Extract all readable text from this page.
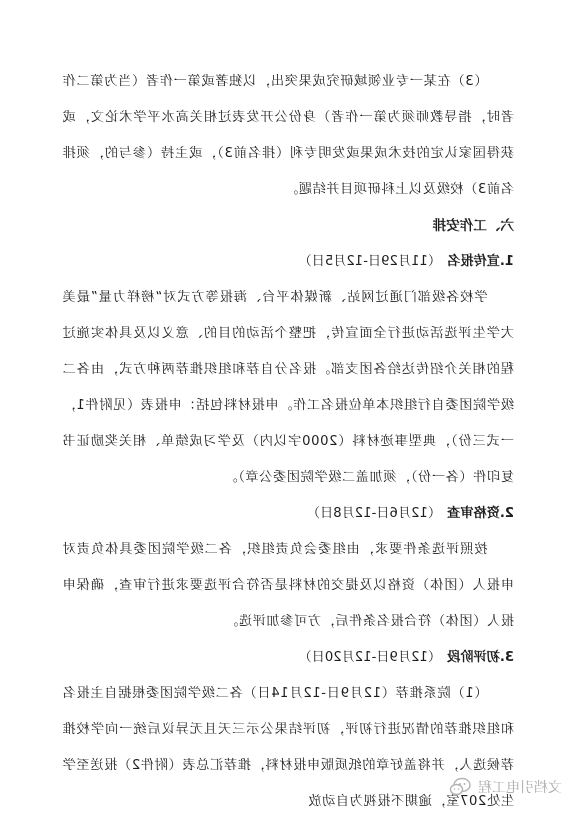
（3）在某一专业领域研究成果突出，以独著或第一作者（当为第二作者时，指导教师须为第一作者）身份公开发表过相关高水平学术论文，或获得国家认定的技术成果或发明专利（排名前3），或主持（参与的，须排名前3）校级及以上科研项目并结题。

六、工作安排

1.宣传报名（11月29日-12月5日）

学校各级部门通过网站、新媒体平台、海报等方式对“榜样力量”最美大学生评选活动进行全面宣传，把整个活动的目的、意义以及具体实施过程的相关介绍传达给各团支部。报名分自荐和组织推荐两种方式，由各二级学院团委自行组织本单位报名工作。申报材料包括：申报表（见附件1，一式三份），典型事迹材料（2000字以内）及学习成绩单、相关奖励证书复印件（各一份），须加盖二级学院团委公章）。

2.资格审查（12月6日-12月8日）

按照评选条件要求，由组委会负责组织，各二级学院团委具体负责对申报人（团体）资格以及提交的材料是否符合评选要求进行审查，确保申报人（团体）符合报名条件后，方可参加评选。

3.初评阶段（12月9日-12月20日）

（1）院系推荐（12月9日-12月14日）各二级学院团委根据自主报名和组织推荐的情况进行初评，初评结果公示三天且无异议后统一向学校推荐候选人，并将盖好章的纸质版申报材料，推荐汇总表（附件2）报送至学生处207室，逾期不报视为自动放

文档引电工程
